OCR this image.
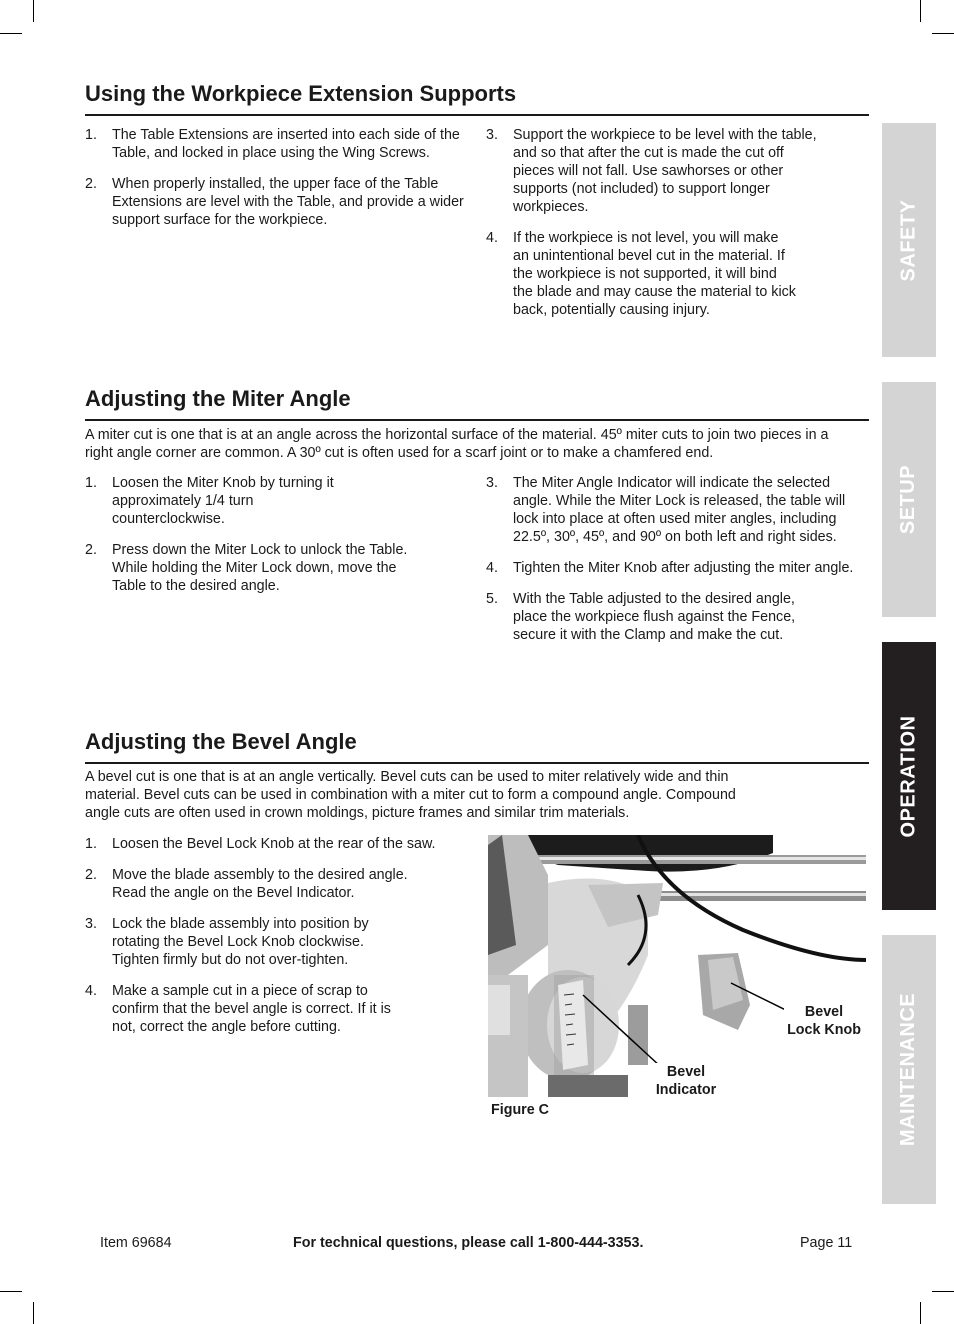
Using the Workpiece Extension Supports
1. The Table Extensions are inserted into each side of the Table, and locked in place using the Wing Screws.
2. When properly installed, the upper face of the Table Extensions are level with the Table, and provide a wider support surface for the workpiece.
3. Support the workpiece to be level with the table, and so that after the cut is made the cut off pieces will not fall. Use sawhorses or other supports (not included) to support longer workpieces.
4. If the workpiece is not level, you will make an unintentional bevel cut in the material. If the workpiece is not supported, it will bind the blade and may cause the material to kick back, potentially causing injury.
Adjusting the Miter Angle

A miter cut is one that is at an angle across the horizontal surface of the material. 45º miter cuts to join two pieces in a right angle corner are common. A 30º cut is often used for a scarf joint or to make a chamfered end.

1. Loosen the Miter Knob by turning it approximately 1/4 turn counterclockwise.
2. Press down the Miter Lock to unlock the Table. While holding the Miter Lock down, move the Table to the desired angle.
3. The Miter Angle Indicator will indicate the selected angle. While the Miter Lock is released, the table will lock into place at often used miter angles, including 22.5º, 30º, 45º, and 90º on both left and right sides.
4. Tighten the Miter Knob after adjusting the miter angle.
5. With the Table adjusted to the desired angle, place the workpiece flush against the Fence, secure it with the Clamp and make the cut.
Adjusting the Bevel Angle

A bevel cut is one that is at an angle vertically. Bevel cuts can be used to miter relatively wide and thin material. Bevel cuts can be used in combination with a miter cut to form a compound angle. Compound angle cuts are often used in crown moldings, picture frames and similar trim materials.

1. Loosen the Bevel Lock Knob at the rear of the saw.
2. Move the blade assembly to the desired angle. Read the angle on the Bevel Indicator.
3. Lock the blade assembly into position by rotating the Bevel Lock Knob clockwise. Tighten firmly but do not over-tighten.
4. Make a sample cut in a piece of scrap to confirm that the bevel angle is correct. If it is not, correct the angle before cutting.
Bevel
Lock Knob
Bevel
Indicator
Figure C
SAFETY
SETUP
OPERATION
MAINTENANCE
Item 69684	For technical questions, please call 1-800-444-3353.	Page 11
